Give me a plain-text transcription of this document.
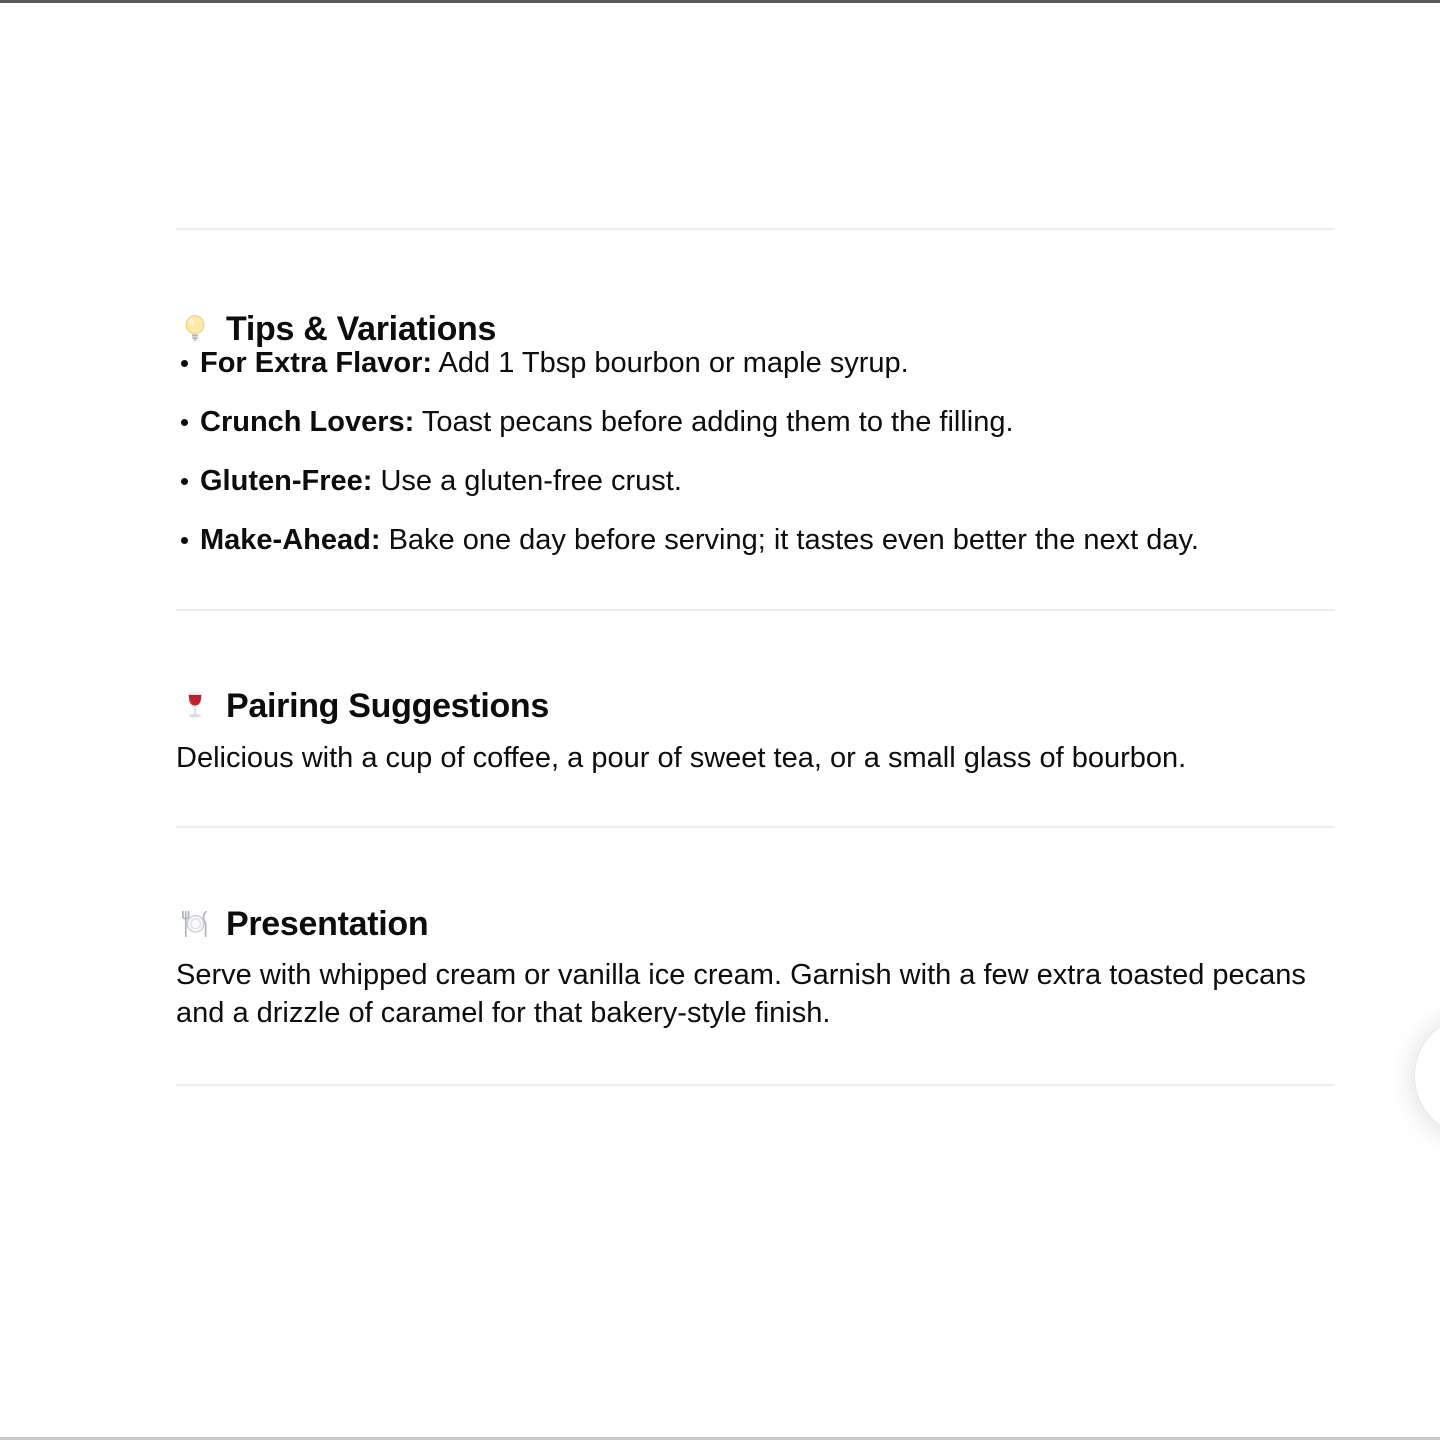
Tips & Variations
For Extra Flavor: Add 1 Tbsp bourbon or maple syrup.
Crunch Lovers: Toast pecans before adding them to the filling.
Gluten-Free: Use a gluten-free crust.
Make-Ahead: Bake one day before serving; it tastes even better the next day.
Pairing Suggestions

Delicious with a cup of coffee, a pour of sweet tea, or a small glass of bourbon.

Presentation

Serve with whipped cream or vanilla ice cream. Garnish with a few extra toasted pecans and a drizzle of caramel for that bakery-style finish.
